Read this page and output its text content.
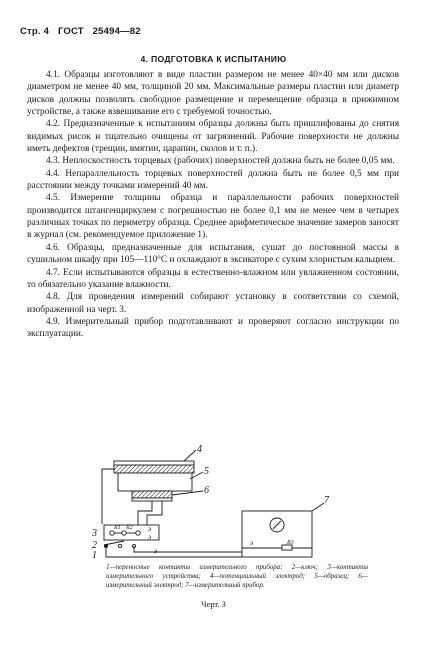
Стр. 4 ГОСТ 25494—82
4. ПОДГОТОВКА К ИСПЫТАНИЮ

4.1. Образцы изготовляют в виде пластин размером не менее 40×40 мм или дисков диаметром не менее 40 мм, толщиной 20 мм. Максимальные размеры пластин или диаметр дисков должны позволять свободное размещение и перемещение образца в прижимном устройстве, а также взвешивание его с требуемой точностью.

4.2. Предназначенные к испытаниям образцы должны быть пришлифованы до снятия видимых рисок и тщательно очищены от загрязнений. Рабочие поверхности не должны иметь дефектов (трещин, вмятин, царапин, сколов и т. п.).

4.3. Неплоскостность торцевых (рабочих) поверхностей должна быть не более 0,05 мм.

4.4. Непараллельность торцевых поверхностей должна быть не более 0,5 мм при расстоянии между точками измерений 40 мм.

4.5. Измерение толщины образца и параллельности рабочих поверхностей производится штангенциркулем с погрешностью не более 0,1 мм не менее чем в четырех различных точках по периметру образца. Среднее арифметическое значение замеров заносят в журнал (см. рекомендуемое приложение 1).

4.6. Образцы, предназначенные для испытания, сушат до постоянной массы в сушильном шкафу при 105—110°С и охлаждают в эксикаторе с сухим хлористым кальцием.

4.7. Если испытываются образцы в естественно-влажном или увлажненном состоянии, то обязательно указание влажности.

4.8. Для проведения измерений собирают установку в соответствии со схемой, изображенной на черт. 3.

4.9. Измерительный прибор подготавливают и проверяют согласно инструкции по эксплуатации.

4
5
6
3
2
1
7
R1 R2
R3
э
э
э
э

1—переносные контакты измерительного прибора; 2—ключ; 3—контакты измерительного устройства; 4—потенциальный электрод; 5—образец; 6—измерительный электрод; 7—измерительный прибор.

Черт. 3
